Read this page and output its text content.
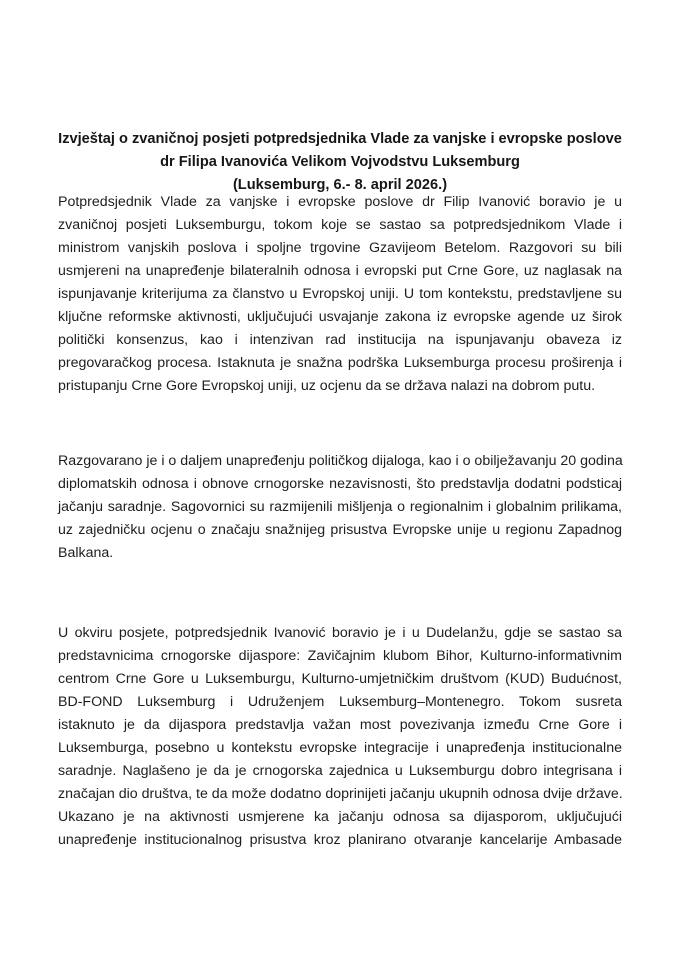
Izvještaj o zvaničnoj posjeti potpredsjednika Vlade za vanjske i evropske poslove
dr Filipa Ivanovića Velikom Vojvodstvu Luksemburg
(Luksemburg, 6.- 8. april 2026.)
Potpredsjednik Vlade za vanjske i evropske poslove dr Filip Ivanović boravio je u
zvaničnoj posjeti Luksemburgu, tokom koje se sastao sa potpredsjednikom Vlade i
ministrom vanjskih poslova i spoljne trgovine Gzavijeom Betelom. Razgovori su bili
usmjereni na unapređenje bilateralnih odnosa i evropski put Crne Gore, uz naglasak na
ispunjavanje kriterijuma za članstvo u Evropskoj uniji. U tom kontekstu, predstavljene su
ključne reformske aktivnosti, uključujući usvajanje zakona iz evropske agende uz širok
politički konsenzus, kao i intenzivan rad institucija na ispunjavanju obaveza iz
pregovaračkog procesa. Istaknuta je snažna podrška Luksemburga procesu proširenja i
pristupanju Crne Gore Evropskoj uniji, uz ocjenu da se država nalazi na dobrom putu.
Razgovarano je i o daljem unapređenju političkog dijaloga, kao i o obilježavanju 20 godina
diplomatskih odnosa i obnove crnogorske nezavisnosti, što predstavlja dodatni podsticaj
jačanju saradnje. Sagovornici su razmijenili mišljenja o regionalnim i globalnim prilikama,
uz zajedničku ocjenu o značaju snažnijeg prisustva Evropske unije u regionu Zapadnog
Balkana.
U okviru posjete, potpredsjednik Ivanović boravio je i u Dudelanžu, gdje se sastao sa
predstavnicima crnogorske dijaspore: Zavičajnim klubom Bihor, Kulturno-informativnim
centrom Crne Gore u Luksemburgu, Kulturno-umjetničkim društvom (KUD) Budućnost,
BD-FOND Luksemburg i Udruženjem Luksemburg–Montenegro. Tokom susreta
istaknuto je da dijaspora predstavlja važan most povezivanja između Crne Gore i
Luksemburga, posebno u kontekstu evropske integracije i unapređenja institucionalne
saradnje. Naglašeno je da je crnogorska zajednica u Luksemburgu dobro integrisana i
značajan dio društva, te da može dodatno doprinijeti jačanju ukupnih odnosa dvije države.
Ukazano je na aktivnosti usmjerene ka jačanju odnosa sa dijasporom, uključujući
unapređenje institucionalnog prisustva kroz planirano otvaranje kancelarije Ambasade
